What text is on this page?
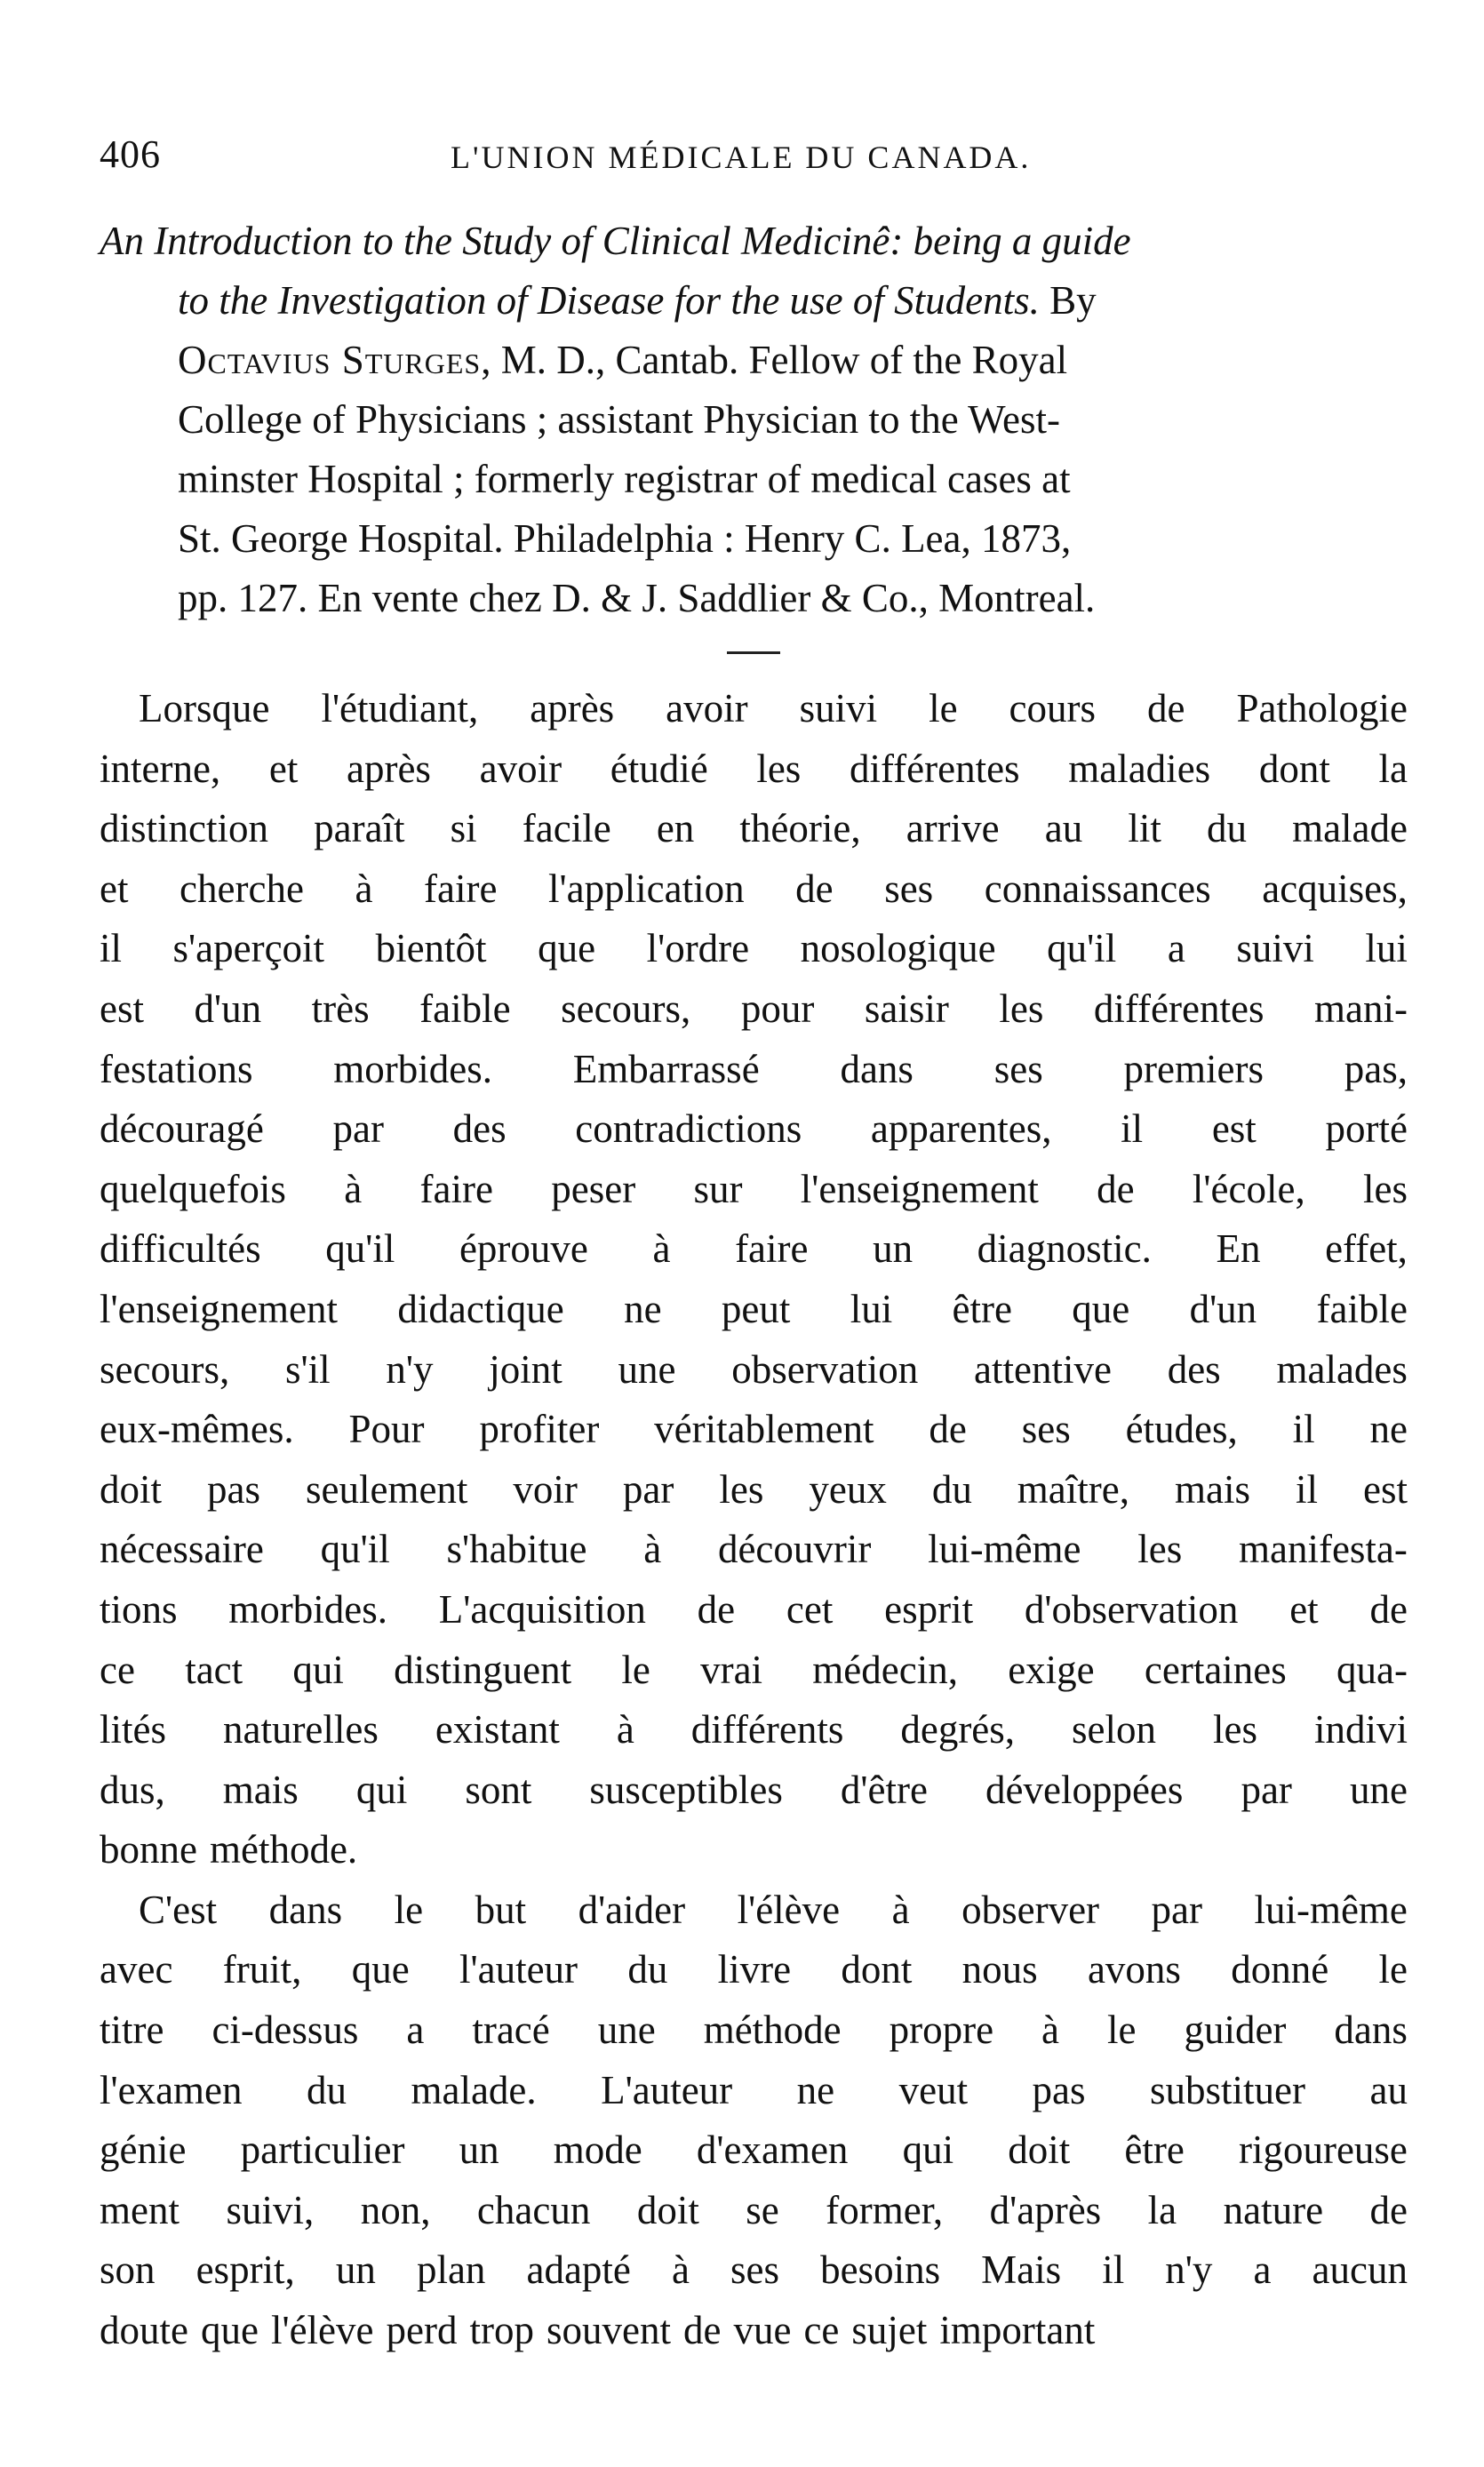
406	L'UNION MÉDICALE DU CANADA.
An Introduction to the Study of Clinical Medicinê: being a guide
to the Investigation of Disease for the use of Students. By
Octavius Sturges, M. D., Cantab. Fellow of the Royal
College of Physicians ; assistant Physician to the West-
minster Hospital ; formerly registrar of medical cases at
St. George Hospital. Philadelphia : Henry C. Lea, 1873,
pp. 127. En vente chez D. & J. Saddlier & Co., Montreal.
Lorsque l'étudiant, après avoir suivi le cours de Pathologie
interne, et après avoir étudié les différentes maladies dont la
distinction paraît si facile en théorie, arrive au lit du malade
et cherche à faire l'application de ses connaissances acquises,
il s'aperçoit bientôt que l'ordre nosologique qu'il a suivi lui
est d'un très faible secours, pour saisir les différentes mani-
festations morbides. Embarrassé dans ses premiers pas,
découragé par des contradictions apparentes, il est porté
quelquefois à faire peser sur l'enseignement de l'école, les
difficultés qu'il éprouve à faire un diagnostic. En effet,
l'enseignement didactique ne peut lui être que d'un faible
secours, s'il n'y joint une observation attentive des malades
eux-mêmes. Pour profiter véritablement de ses études, il ne
doit pas seulement voir par les yeux du maître, mais il est
nécessaire qu'il s'habitue à découvrir lui-même les manifesta-
tions morbides. L'acquisition de cet esprit d'observation et de
ce tact qui distinguent le vrai médecin, exige certaines qua-
lités naturelles existant à différents degrés, selon les indivi
dus, mais qui sont susceptibles d'être développées par une
bonne méthode.
C'est dans le but d'aider l'élève à observer par lui-même
avec fruit, que l'auteur du livre dont nous avons donné le
titre ci-dessus a tracé une méthode propre à le guider dans
l'examen du malade. L'auteur ne veut pas substituer au
génie particulier un mode d'examen qui doit être rigoureuse
ment suivi, non, chacun doit se former, d'après la nature de
son esprit, un plan adapté à ses besoins Mais il n'y a aucun
doute que l'élève perd trop souvent de vue ce sujet important
